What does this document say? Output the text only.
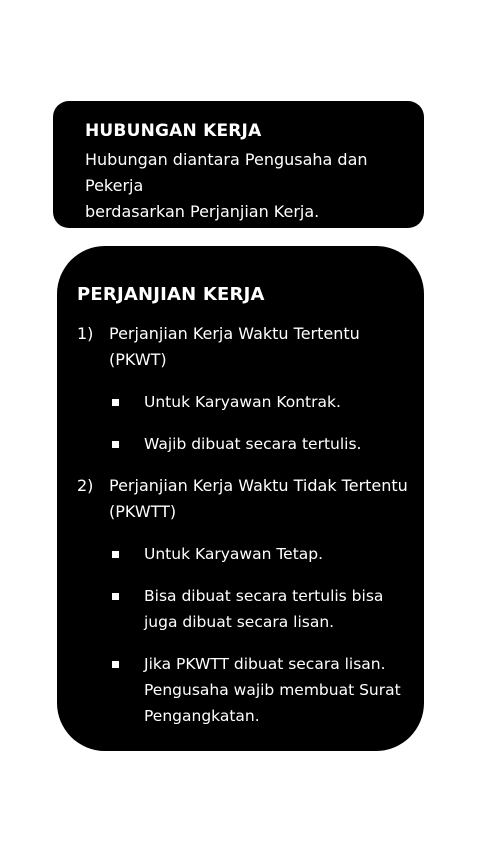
HUBUNGAN KERJA
Hubungan diantara Pengusaha dan Pekerja
berdasarkan Perjanjian Kerja.
PERJANJIAN KERJA
1) Perjanjian Kerja Waktu Tertentu (PKWT)
Untuk Karyawan Kontrak.
Wajib dibuat secara tertulis.
2) Perjanjian Kerja Waktu Tidak Tertentu (PKWTT)
Untuk Karyawan Tetap.
Bisa dibuat secara tertulis bisa juga dibuat secara lisan.
Jika PKWTT dibuat secara lisan. Pengusaha wajib membuat Surat Pengangkatan.
